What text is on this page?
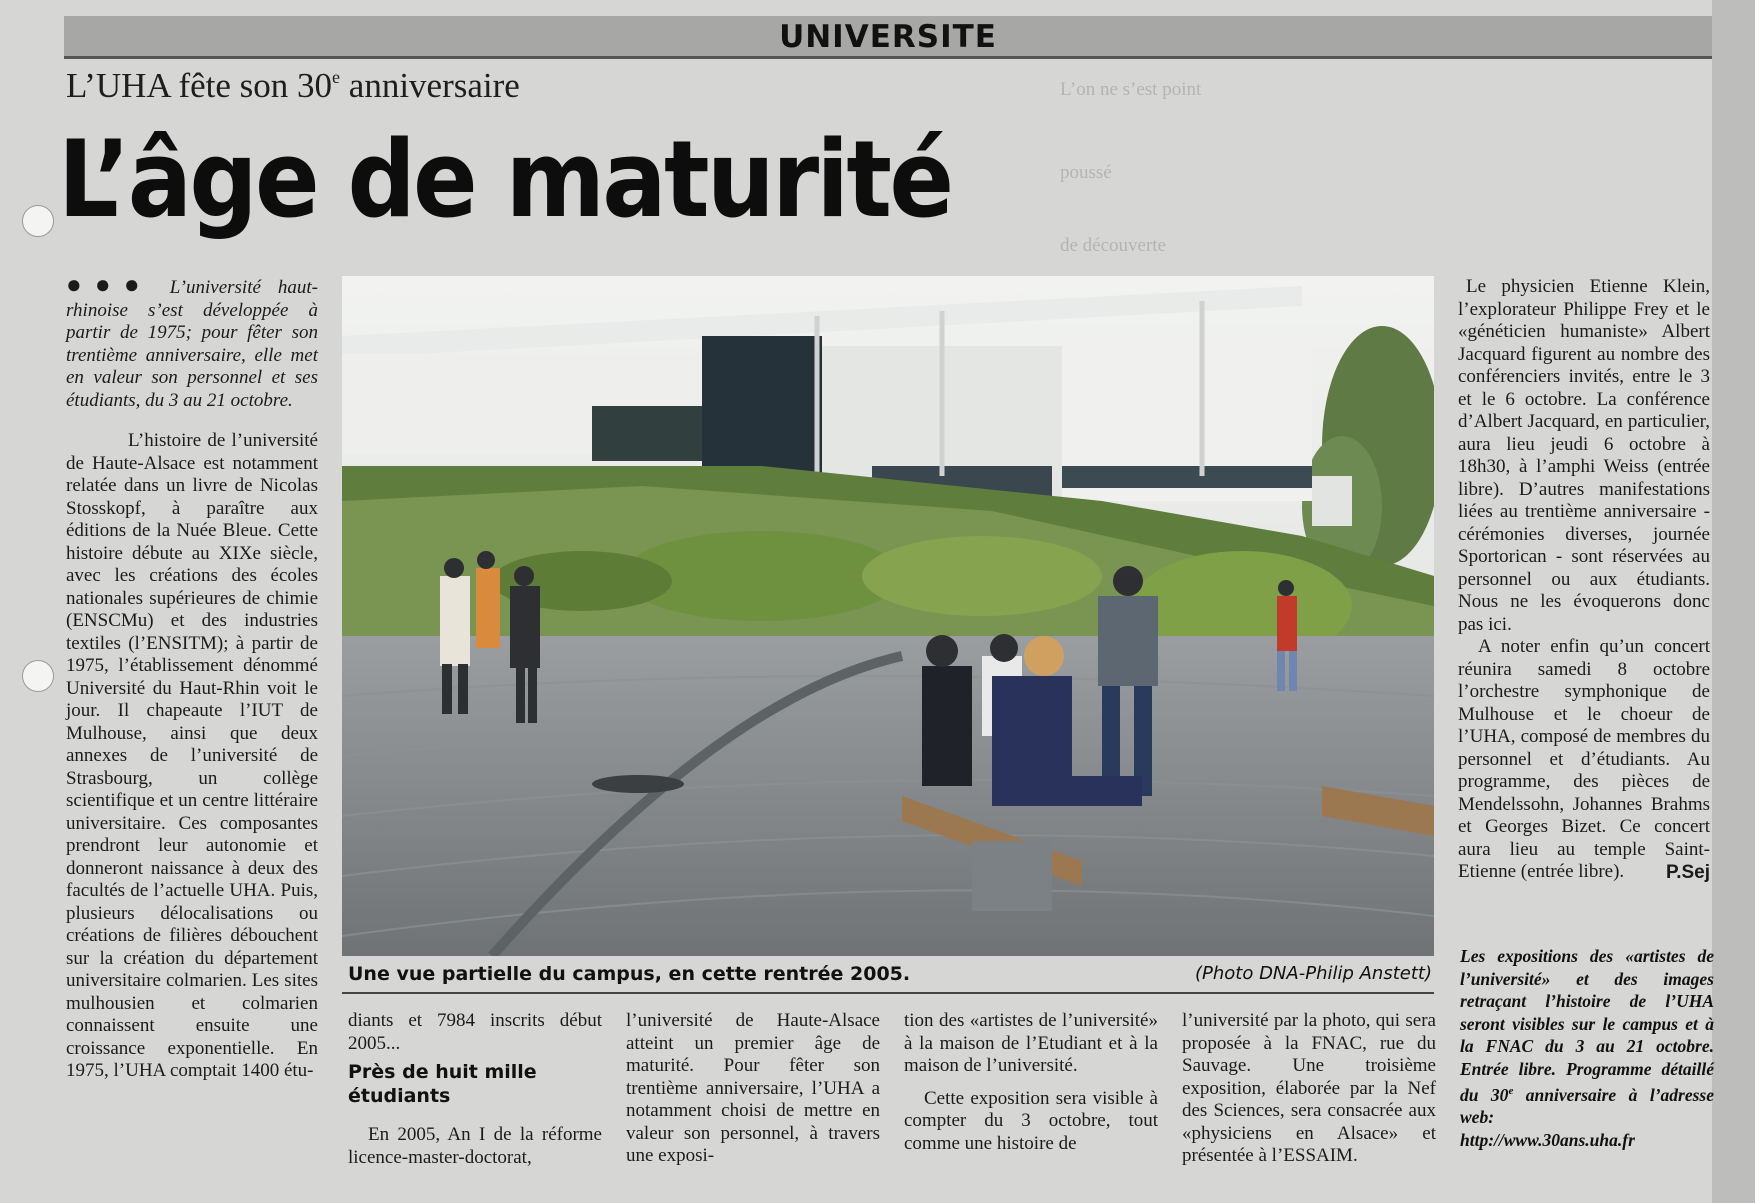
L’on ne s’est point
poussé
de découverte
UNIVERSITE
L’UHA fête son 30e anniversaire
L’âge de maturité
●●● L’université haut-rhinoise s’est développée à partir de 1975; pour fêter son trentième anniversaire, elle met en valeur son personnel et ses étudiants, du 3 au 21 octobre.
L’histoire de l’université de Haute-Alsace est notamment relatée dans un livre de Nicolas Stosskopf, à paraître aux éditions de la Nuée Bleue. Cette histoire débute au XIXe siècle, avec les créations des écoles nationales supérieures de chimie (ENSCMu) et des industries textiles (l’ENSITM); à partir de 1975, l’établissement dénommé Université du Haut-Rhin voit le jour. Il chapeaute l’IUT de Mulhouse, ainsi que deux annexes de l’université de Strasbourg, un collège scientifique et un centre littéraire universitaire. Ces composantes prendront leur autonomie et donneront naissance à deux des facultés de l’actuelle UHA. Puis, plusieurs délocalisations ou créations de filières débouchent sur la création du département universitaire colmarien. Les sites mulhousien et colmarien connaissent ensuite une croissance exponentielle. En 1975, l’UHA comptait 1400 étu-
Une vue partielle du campus, en cette rentrée 2005.	(Photo DNA-Philip Anstett)
diants et 7984 inscrits début 2005...
Près de huit mille étudiants
En 2005, An I de la réforme licence-master-doctorat,
l’université de Haute-Alsace atteint un premier âge de maturité. Pour fêter son trentième anniversaire, l’UHA a notamment choisi de mettre en valeur son personnel, à travers une exposi-
tion des «artistes de l’université» à la maison de l’Etudiant et à la maison de l’université.
Cette exposition sera visible à compter du 3 octobre, tout comme une histoire de
l’université par la photo, qui sera proposée à la FNAC, rue du Sauvage. Une troisième exposition, élaborée par la Nef des Sciences, sera consacrée aux «physiciens en Alsace» et présentée à l’ESSAIM.
Le physicien Etienne Klein, l’explorateur Philippe Frey et le «généticien humaniste» Albert Jacquard figurent au nombre des conférenciers invités, entre le 3 et le 6 octobre. La conférence d’Albert Jacquard, en particulier, aura lieu jeudi 6 octobre à 18h30, à l’amphi Weiss (entrée libre). D’autres manifestations liées au trentième anniversaire - cérémonies diverses, journée Sportorican - sont réservées au personnel ou aux étudiants. Nous ne les évoquerons donc pas ici.
A noter enfin qu’un concert réunira samedi 8 octobre l’orchestre symphonique de Mulhouse et le choeur de l’UHA, composé de membres du personnel et d’étudiants. Au programme, des pièces de Mendelssohn, Johannes Brahms et Georges Bizet. Ce concert aura lieu au temple Saint-Etienne (entrée libre).	P.Sej
Les expositions des «artistes de l’université» et des images retraçant l’histoire de l’UHA seront visibles sur le campus et à la FNAC du 3 au 21 octobre. Entrée libre. Programme détaillé du 30e anniversaire à l’adresse web:
http://www.30ans.uha.fr
